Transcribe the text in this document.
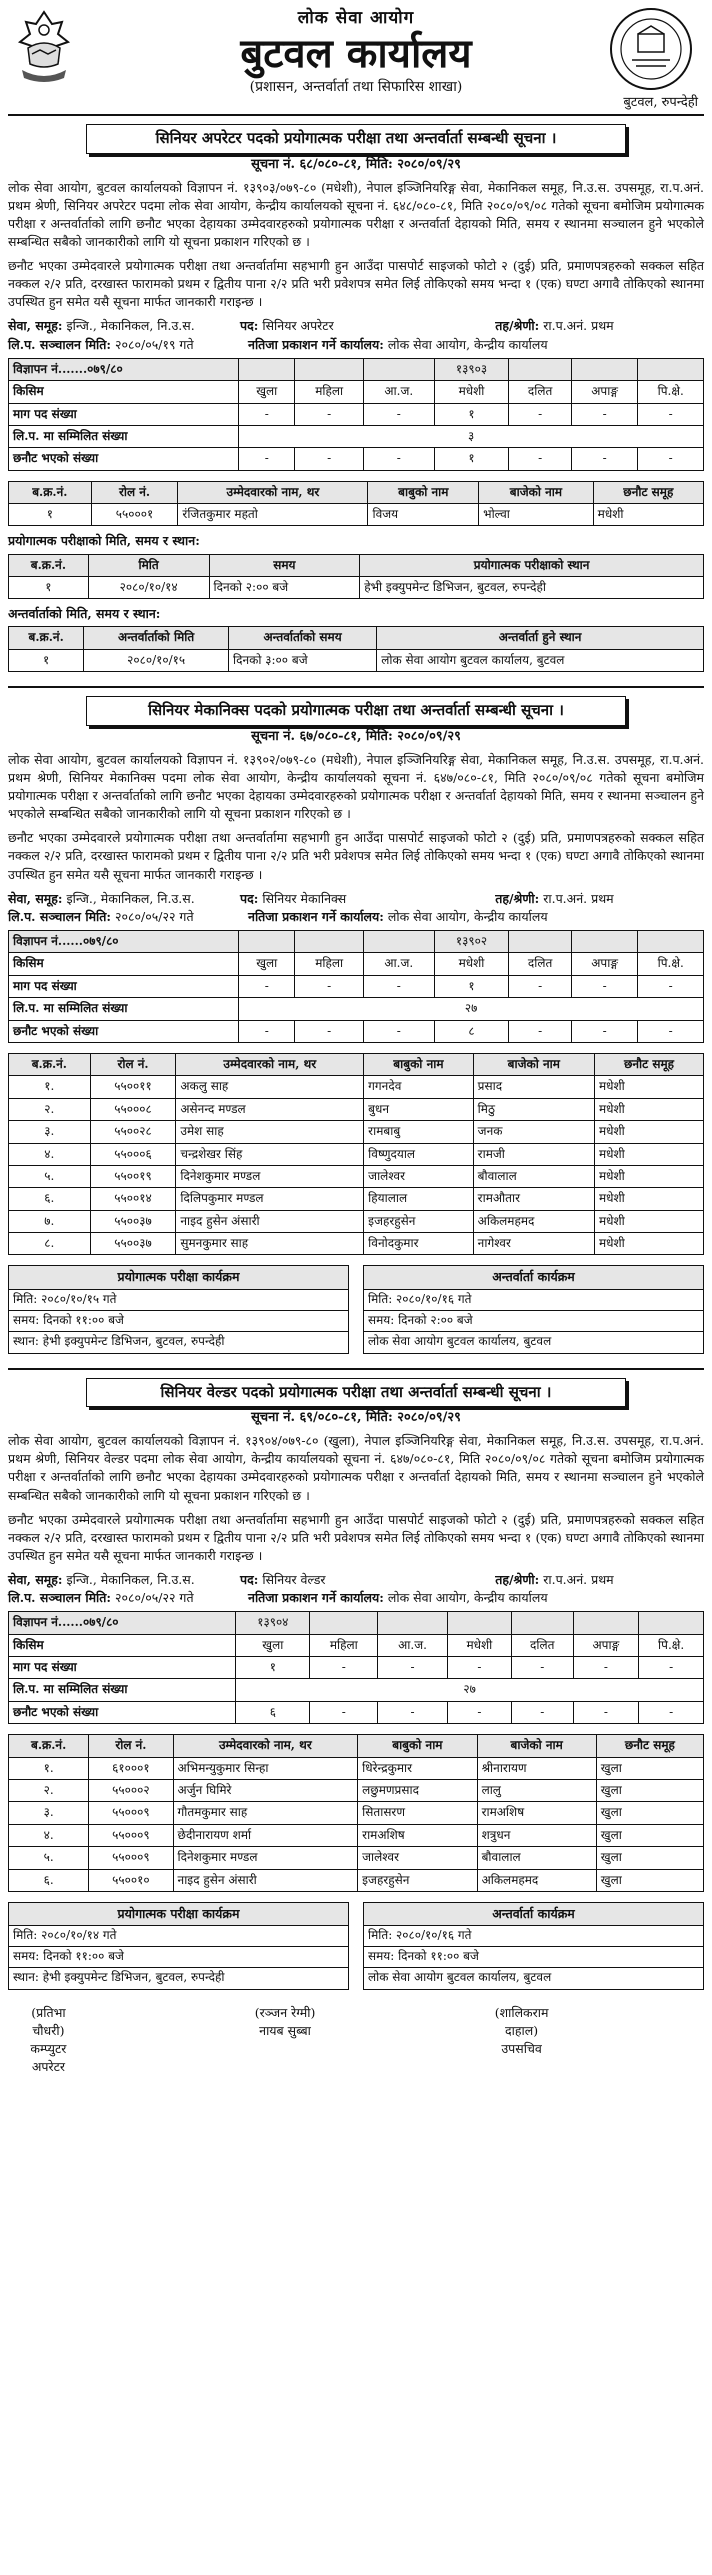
लोक सेवा आयोग
बुटवल कार्यालय
(प्रशासन, अन्तर्वार्ता तथा सिफारिस शाखा)
बुटवल, रुपन्देही
सिनियर अपरेटर पदको प्रयोगात्मक परीक्षा तथा अन्तर्वार्ता सम्बन्धी सूचना ।
सूचना नं. ६८/०८०-८१, मिति: २०८०/०९/२९

लोक सेवा आयोग, बुटवल कार्यालयको विज्ञापन नं. १३९०३/०७९-८० (मधेशी), नेपाल इञ्जिनियरिङ्ग सेवा, मेकानिकल समूह, नि.उ.स. उपसमूह, रा.प.अनं. प्रथम श्रेणी, सिनियर अपरेटर पदमा लोक सेवा आयोग, केन्द्रीय कार्यालयको सूचना नं. ६४८/०८०-८१, मिति २०८०/०९/०८ गतेको सूचना बमोजिम प्रयोगात्मक परीक्षा र अन्तर्वार्ताको लागि छनौट भएका देहायका उम्मेदवारहरुको प्रयोगात्मक परीक्षा र अन्तर्वार्ता देहायको मिति, समय र स्थानमा सञ्चालन हुने भएकोले सम्बन्धित सबैको जानकारीको लागि यो सूचना प्रकाशन गरिएको छ ।

छनौट भएका उम्मेदवारले प्रयोगात्मक परीक्षा तथा अन्तर्वार्तामा सहभागी हुन आउँदा पासपोर्ट साइजको फोटो २ (दुई) प्रति, प्रमाणपत्रहरुको सक्कल सहित नक्कल २/२ प्रति, दरखास्त फारामको प्रथम र द्वितीय पाना २/२ प्रति भरी प्रवेशपत्र समेत लिई तोकिएको समय भन्दा १ (एक) घण्टा अगावै तोकिएको स्थानमा उपस्थित हुन समेत यसै सूचना मार्फत जानकारी गराइन्छ ।

सेवा, समूह: इन्जि., मेकानिकल, नि.उ.स.	पद: सिनियर अपरेटर	तह/श्रेणी: रा.प.अनं. प्रथम
लि.प. सञ्चालन मिति: २०८०/०५/१९ गते	नतिजा प्रकाशन गर्ने कार्यालय: लोक सेवा आयोग, केन्द्रीय कार्यालय
विज्ञापन नं.......०७९/८०				१३९०३			
किसिम	खुला	महिला	आ.ज.	मधेशी	दलित	अपाङ्ग	पि.क्षे.
माग पद संख्या	-	-	-	१	-	-	-
लि.प. मा सम्मिलित संख्या	३						
छनौट भएको संख्या	-	-	-	१	-	-	-
ब.क्र.नं.	रोल नं.	उम्मेदवारको नाम, थर	बाबुको नाम	बाजेको नाम	छनौट समूह
१	५५०००१	रंजितकुमार महतो	विजय	भोल्वा	मधेशी
प्रयोगात्मक परीक्षाको मिति, समय र स्थान:
ब.क्र.नं.	मिति	समय	प्रयोगात्मक परीक्षाको स्थान
१	२०८०/१०/१४	दिनको २:०० बजे	हेभी इक्युपमेन्ट डिभिजन, बुटवल, रुपन्देही
अन्तर्वार्ताको मिति, समय र स्थान:
ब.क्र.नं.	अन्तर्वार्ताको मिति	अन्तर्वार्ताको समय	अन्तर्वार्ता हुने स्थान
१	२०८०/१०/१५	दिनको ३:०० बजे	लोक सेवा आयोग बुटवल कार्यालय, बुटवल
सिनियर मेकानिक्स पदको प्रयोगात्मक परीक्षा तथा अन्तर्वार्ता सम्बन्धी सूचना ।
सूचना नं. ६७/०८०-८१, मिति: २०८०/०९/२९

लोक सेवा आयोग, बुटवल कार्यालयको विज्ञापन नं. १३९०२/०७९-८० (मधेशी), नेपाल इञ्जिनियरिङ्ग सेवा, मेकानिकल समूह, नि.उ.स. उपसमूह, रा.प.अनं. प्रथम श्रेणी, सिनियर मेकानिक्स पदमा लोक सेवा आयोग, केन्द्रीय कार्यालयको सूचना नं. ६४७/०८०-८१, मिति २०८०/०९/०८ गतेको सूचना बमोजिम प्रयोगात्मक परीक्षा र अन्तर्वार्ताको लागि छनौट भएका देहायका उम्मेदवारहरुको प्रयोगात्मक परीक्षा र अन्तर्वार्ता देहायको मिति, समय र स्थानमा सञ्चालन हुने भएकोले सम्बन्धित सबैको जानकारीको लागि यो सूचना प्रकाशन गरिएको छ ।

छनौट भएका उम्मेदवारले प्रयोगात्मक परीक्षा तथा अन्तर्वार्तामा सहभागी हुन आउँदा पासपोर्ट साइजको फोटो २ (दुई) प्रति, प्रमाणपत्रहरुको सक्कल सहित नक्कल २/२ प्रति, दरखास्त फारामको प्रथम र द्वितीय पाना २/२ प्रति भरी प्रवेशपत्र समेत लिई तोकिएको समय भन्दा १ (एक) घण्टा अगावै तोकिएको स्थानमा उपस्थित हुन समेत यसै सूचना मार्फत जानकारी गराइन्छ ।

सेवा, समूह: इन्जि., मेकानिकल, नि.उ.स.	पद: सिनियर मेकानिक्स	तह/श्रेणी: रा.प.अनं. प्रथम
लि.प. सञ्चालन मिति: २०८०/०५/२२ गते	नतिजा प्रकाशन गर्ने कार्यालय: लोक सेवा आयोग, केन्द्रीय कार्यालय
विज्ञापन नं......०७९/८०				१३९०२			
किसिम	खुला	महिला	आ.ज.	मधेशी	दलित	अपाङ्ग	पि.क्षे.
माग पद संख्या	-	-	-	१	-	-	-
लि.प. मा सम्मिलित संख्या	२७						
छनौट भएको संख्या	-	-	-	८	-	-	-
ब.क्र.नं.	रोल नं.	उम्मेदवारको नाम, थर	बाबुको नाम	बाजेको नाम	छनौट समूह
१.	५५००११	अकलु साह	गगनदेव	प्रसाद	मधेशी
२.	५५०००८	असेनन्द मण्डल	बुधन	मिठु	मधेशी
३.	५५००२८	उमेश साह	रामबाबु	जनक	मधेशी
४.	५५०००६	चन्द्रशेखर सिंह	विष्णुदयाल	रामजी	मधेशी
५.	५५००१९	दिनेशकुमार मण्डल	जालेश्वर	बौवालाल	मधेशी
६.	५५००१४	दिलिपकुमार मण्डल	हियालाल	रामऔतार	मधेशी
७.	५५००३७	नाइद हुसेन अंसारी	इजहरहुसेन	अकिलमहमद	मधेशी
८.	५५००३७	सुमनकुमार साह	विनोदकुमार	नागेश्वर	मधेशी
प्रयोगात्मक परीक्षा कार्यक्रम
मिति: २०८०/१०/१५ गते
समय: दिनको ११:०० बजे
स्थान: हेभी इक्युपमेन्ट डिभिजन, बुटवल, रुपन्देही
अन्तर्वार्ता कार्यक्रम
मिति: २०८०/१०/१६ गते
समय: दिनको २:०० बजे
लोक सेवा आयोग बुटवल कार्यालय, बुटवल
सिनियर वेल्डर पदको प्रयोगात्मक परीक्षा तथा अन्तर्वार्ता सम्बन्धी सूचना ।
सूचना नं. ६९/०८०-८१, मिति: २०८०/०९/२९

लोक सेवा आयोग, बुटवल कार्यालयको विज्ञापन नं. १३९०४/०७९-८० (खुला), नेपाल इञ्जिनियरिङ्ग सेवा, मेकानिकल समूह, नि.उ.स. उपसमूह, रा.प.अनं. प्रथम श्रेणी, सिनियर वेल्डर पदमा लोक सेवा आयोग, केन्द्रीय कार्यालयको सूचना नं. ६४७/०८०-८१, मिति २०८०/०९/०८ गतेको सूचना बमोजिम प्रयोगात्मक परीक्षा र अन्तर्वार्ताको लागि छनौट भएका देहायका उम्मेदवारहरुको प्रयोगात्मक परीक्षा र अन्तर्वार्ता देहायको मिति, समय र स्थानमा सञ्चालन हुने भएकोले सम्बन्धित सबैको जानकारीको लागि यो सूचना प्रकाशन गरिएको छ ।

छनौट भएका उम्मेदवारले प्रयोगात्मक परीक्षा तथा अन्तर्वार्तामा सहभागी हुन आउँदा पासपोर्ट साइजको फोटो २ (दुई) प्रति, प्रमाणपत्रहरुको सक्कल सहित नक्कल २/२ प्रति, दरखास्त फारामको प्रथम र द्वितीय पाना २/२ प्रति भरी प्रवेशपत्र समेत लिई तोकिएको समय भन्दा १ (एक) घण्टा अगावै तोकिएको स्थानमा उपस्थित हुन समेत यसै सूचना मार्फत जानकारी गराइन्छ ।

सेवा, समूह: इन्जि., मेकानिकल, नि.उ.स.	पद: सिनियर वेल्डर	तह/श्रेणी: रा.प.अनं. प्रथम
लि.प. सञ्चालन मिति: २०८०/०५/२२ गते	नतिजा प्रकाशन गर्ने कार्यालय: लोक सेवा आयोग, केन्द्रीय कार्यालय
विज्ञापन नं......०७९/८०	१३९०४						
किसिम	खुला	महिला	आ.ज.	मधेशी	दलित	अपाङ्ग	पि.क्षे.
माग पद संख्या	१	-	-	-	-	-	-
लि.प. मा सम्मिलित संख्या	२७						
छनौट भएको संख्या	६	-	-	-	-	-	-
ब.क्र.नं.	रोल नं.	उम्मेदवारको नाम, थर	बाबुको नाम	बाजेको नाम	छनौट समूह
१.	६१०००१	अभिमन्युकुमार सिन्हा	धिरेन्द्रकुमार	श्रीनारायण	खुला
२.	५५०००२	अर्जुन घिमिरे	लछुमणप्रसाद	लालु	खुला
३.	५५०००९	गौतमकुमार साह	सितासरण	रामअशिष	खुला
४.	५५०००९	छेदीनारायण शर्मा	रामअशिष	शत्रुधन	खुला
५.	५५०००९	दिनेशकुमार मण्डल	जालेश्वर	बौवालाल	खुला
६.	५५००१०	नाइद हुसेन अंसारी	इजहरहुसेन	अकिलमहमद	खुला
प्रयोगात्मक परीक्षा कार्यक्रम
मिति: २०८०/१०/१४ गते
समय: दिनको ११:०० बजे
स्थान: हेभी इक्युपमेन्ट डिभिजन, बुटवल, रुपन्देही
अन्तर्वार्ता कार्यक्रम
मिति: २०८०/१०/१६ गते
समय: दिनको ११:०० बजे
लोक सेवा आयोग बुटवल कार्यालय, बुटवल
(प्रतिभा चौधरी)
कम्प्युटर अपरेटर
(रञ्जन रेग्मी)
नायब सुब्बा
(शालिकराम दाहाल)
उपसचिव
